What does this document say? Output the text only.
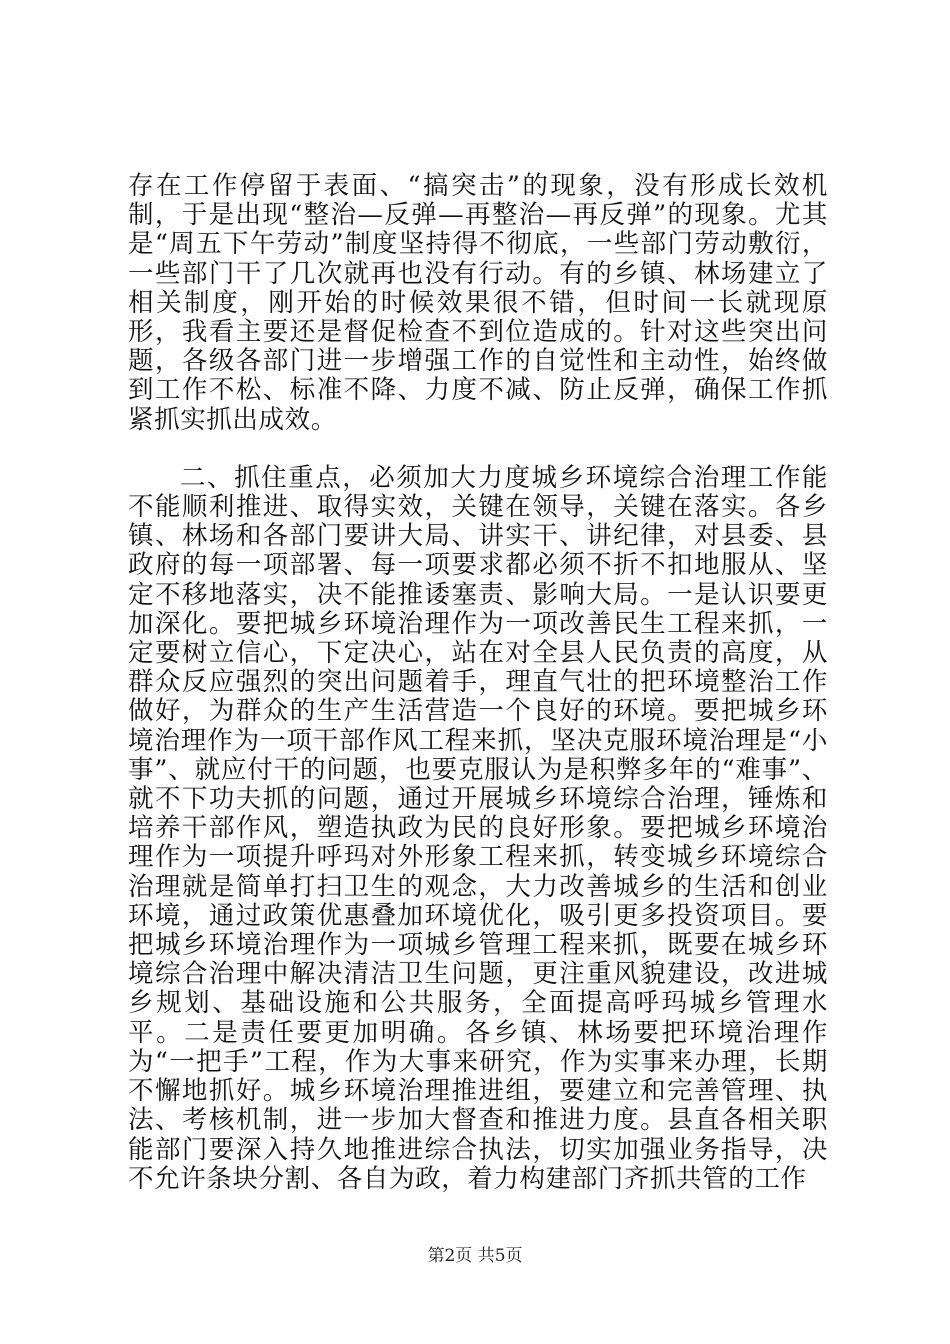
存在工作停留于表面、“搞突击”的现象，没有形成长效机制，于是出现“整治—反弹—再整治—再反弹”的现象。尤其是“周五下午劳动”制度坚持得不彻底，一些部门劳动敷衍，一些部门干了几次就再也没有行动。有的乡镇、林场建立了相关制度，刚开始的时候效果很不错，但时间一长就现原形，我看主要还是督促检查不到位造成的。针对这些突出问题，各级各部门进一步增强工作的自觉性和主动性，始终做到工作不松、标准不降、力度不减、防止反弹，确保工作抓紧抓实抓出成效。

二、抓住重点，必须加大力度城乡环境综合治理工作能不能顺利推进、取得实效，关键在领导，关键在落实。各乡镇、林场和各部门要讲大局、讲实干、讲纪律，对县委、县政府的每一项部署、每一项要求都必须不折不扣地服从、坚定不移地落实，决不能推诿塞责、影响大局。一是认识要更加深化。要把城乡环境治理作为一项改善民生工程来抓，一定要树立信心，下定决心，站在对全县人民负责的高度，从群众反应强烈的突出问题着手，理直气壮的把环境整治工作做好，为群众的生产生活营造一个良好的环境。要把城乡环境治理作为一项干部作风工程来抓，坚决克服环境治理是“小事”、就应付干的问题，也要克服认为是积弊多年的“难事”、就不下功夫抓的问题，通过开展城乡环境综合治理，锤炼和培养干部作风，塑造执政为民的良好形象。要把城乡环境治理作为一项提升呼玛对外形象工程来抓，转变城乡环境综合治理就是简单打扫卫生的观念，大力改善城乡的生活和创业环境，通过政策优惠叠加环境优化，吸引更多投资项目。要把城乡环境治理作为一项城乡管理工程来抓，既要在城乡环境综合治理中解决清洁卫生问题，更注重风貌建设，改进城乡规划、基础设施和公共服务，全面提高呼玛城乡管理水平。二是责任要更加明确。各乡镇、林场要把环境治理作为“一把手”工程，作为大事来研究，作为实事来办理，长期不懈地抓好。城乡环境治理推进组，要建立和完善管理、执法、考核机制，进一步加大督查和推进力度。县直各相关职能部门要深入持久地推进综合执法，切实加强业务指导，决不允许条块分割、各自为政，着力构建部门齐抓共管的工作

第2页 共5页
